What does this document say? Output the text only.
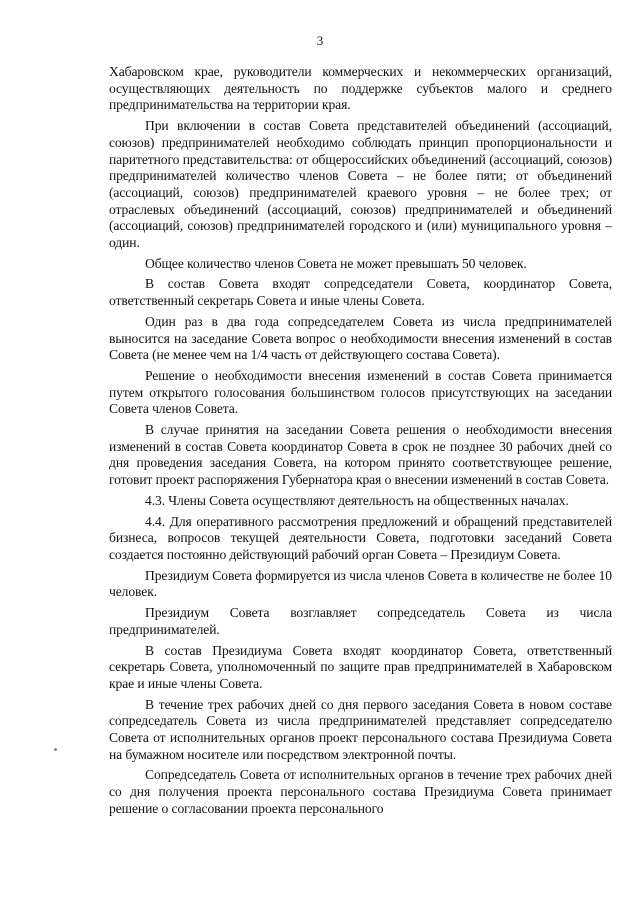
3

Хабаровском крае, руководители коммерческих и некоммерческих организаций, осуществляющих деятельность по поддержке субъектов малого и среднего предпринимательства на территории края.

При включении в состав Совета представителей объединений (ассоциаций, союзов) предпринимателей необходимо соблюдать принцип пропорциональности и паритетного представительства: от общероссийских объединений (ассоциаций, союзов) предпринимателей количество членов Совета – не более пяти; от объединений (ассоциаций, союзов) предпринимателей краевого уровня – не более трех; от отраслевых объединений (ассоциаций, союзов) предпринимателей и объединений (ассоциаций, союзов) предпринимателей городского и (или) муниципального уровня – один.

Общее количество членов Совета не может превышать 50 человек.

В состав Совета входят сопредседатели Совета, координатор Совета, ответственный секретарь Совета и иные члены Совета.

Один раз в два года сопредседателем Совета из числа предпринимателей выносится на заседание Совета вопрос о необходимости внесения изменений в состав Совета (не менее чем на 1/4 часть от действующего состава Совета).

Решение о необходимости внесения изменений в состав Совета принимается путем открытого голосования большинством голосов присутствующих на заседании Совета членов Совета.

В случае принятия на заседании Совета решения о необходимости внесения изменений в состав Совета координатор Совета в срок не позднее 30 рабочих дней со дня проведения заседания Совета, на котором принято соответствующее решение, готовит проект распоряжения Губернатора края о внесении изменений в состав Совета.

4.3. Члены Совета осуществляют деятельность на общественных началах.

4.4. Для оперативного рассмотрения предложений и обращений представителей бизнеса, вопросов текущей деятельности Совета, подготовки заседаний Совета создается постоянно действующий рабочий орган Совета – Президиум Совета.

Президиум Совета формируется из числа членов Совета в количестве не более 10 человек.

Президиум Совета возглавляет сопредседатель Совета из числа предпринимателей.

В состав Президиума Совета входят координатор Совета, ответственный секретарь Совета, уполномоченный по защите прав предпринимателей в Хабаровском крае и иные члены Совета.

В течение трех рабочих дней со дня первого заседания Совета в новом составе сопредседатель Совета из числа предпринимателей представляет сопредседателю Совета от исполнительных органов проект персонального состава Президиума Совета на бумажном носителе или посредством электронной почты.

Сопредседатель Совета от исполнительных органов в течение трех рабочих дней со дня получения проекта персонального состава Президиума Совета принимает решение о согласовании проекта персонального
